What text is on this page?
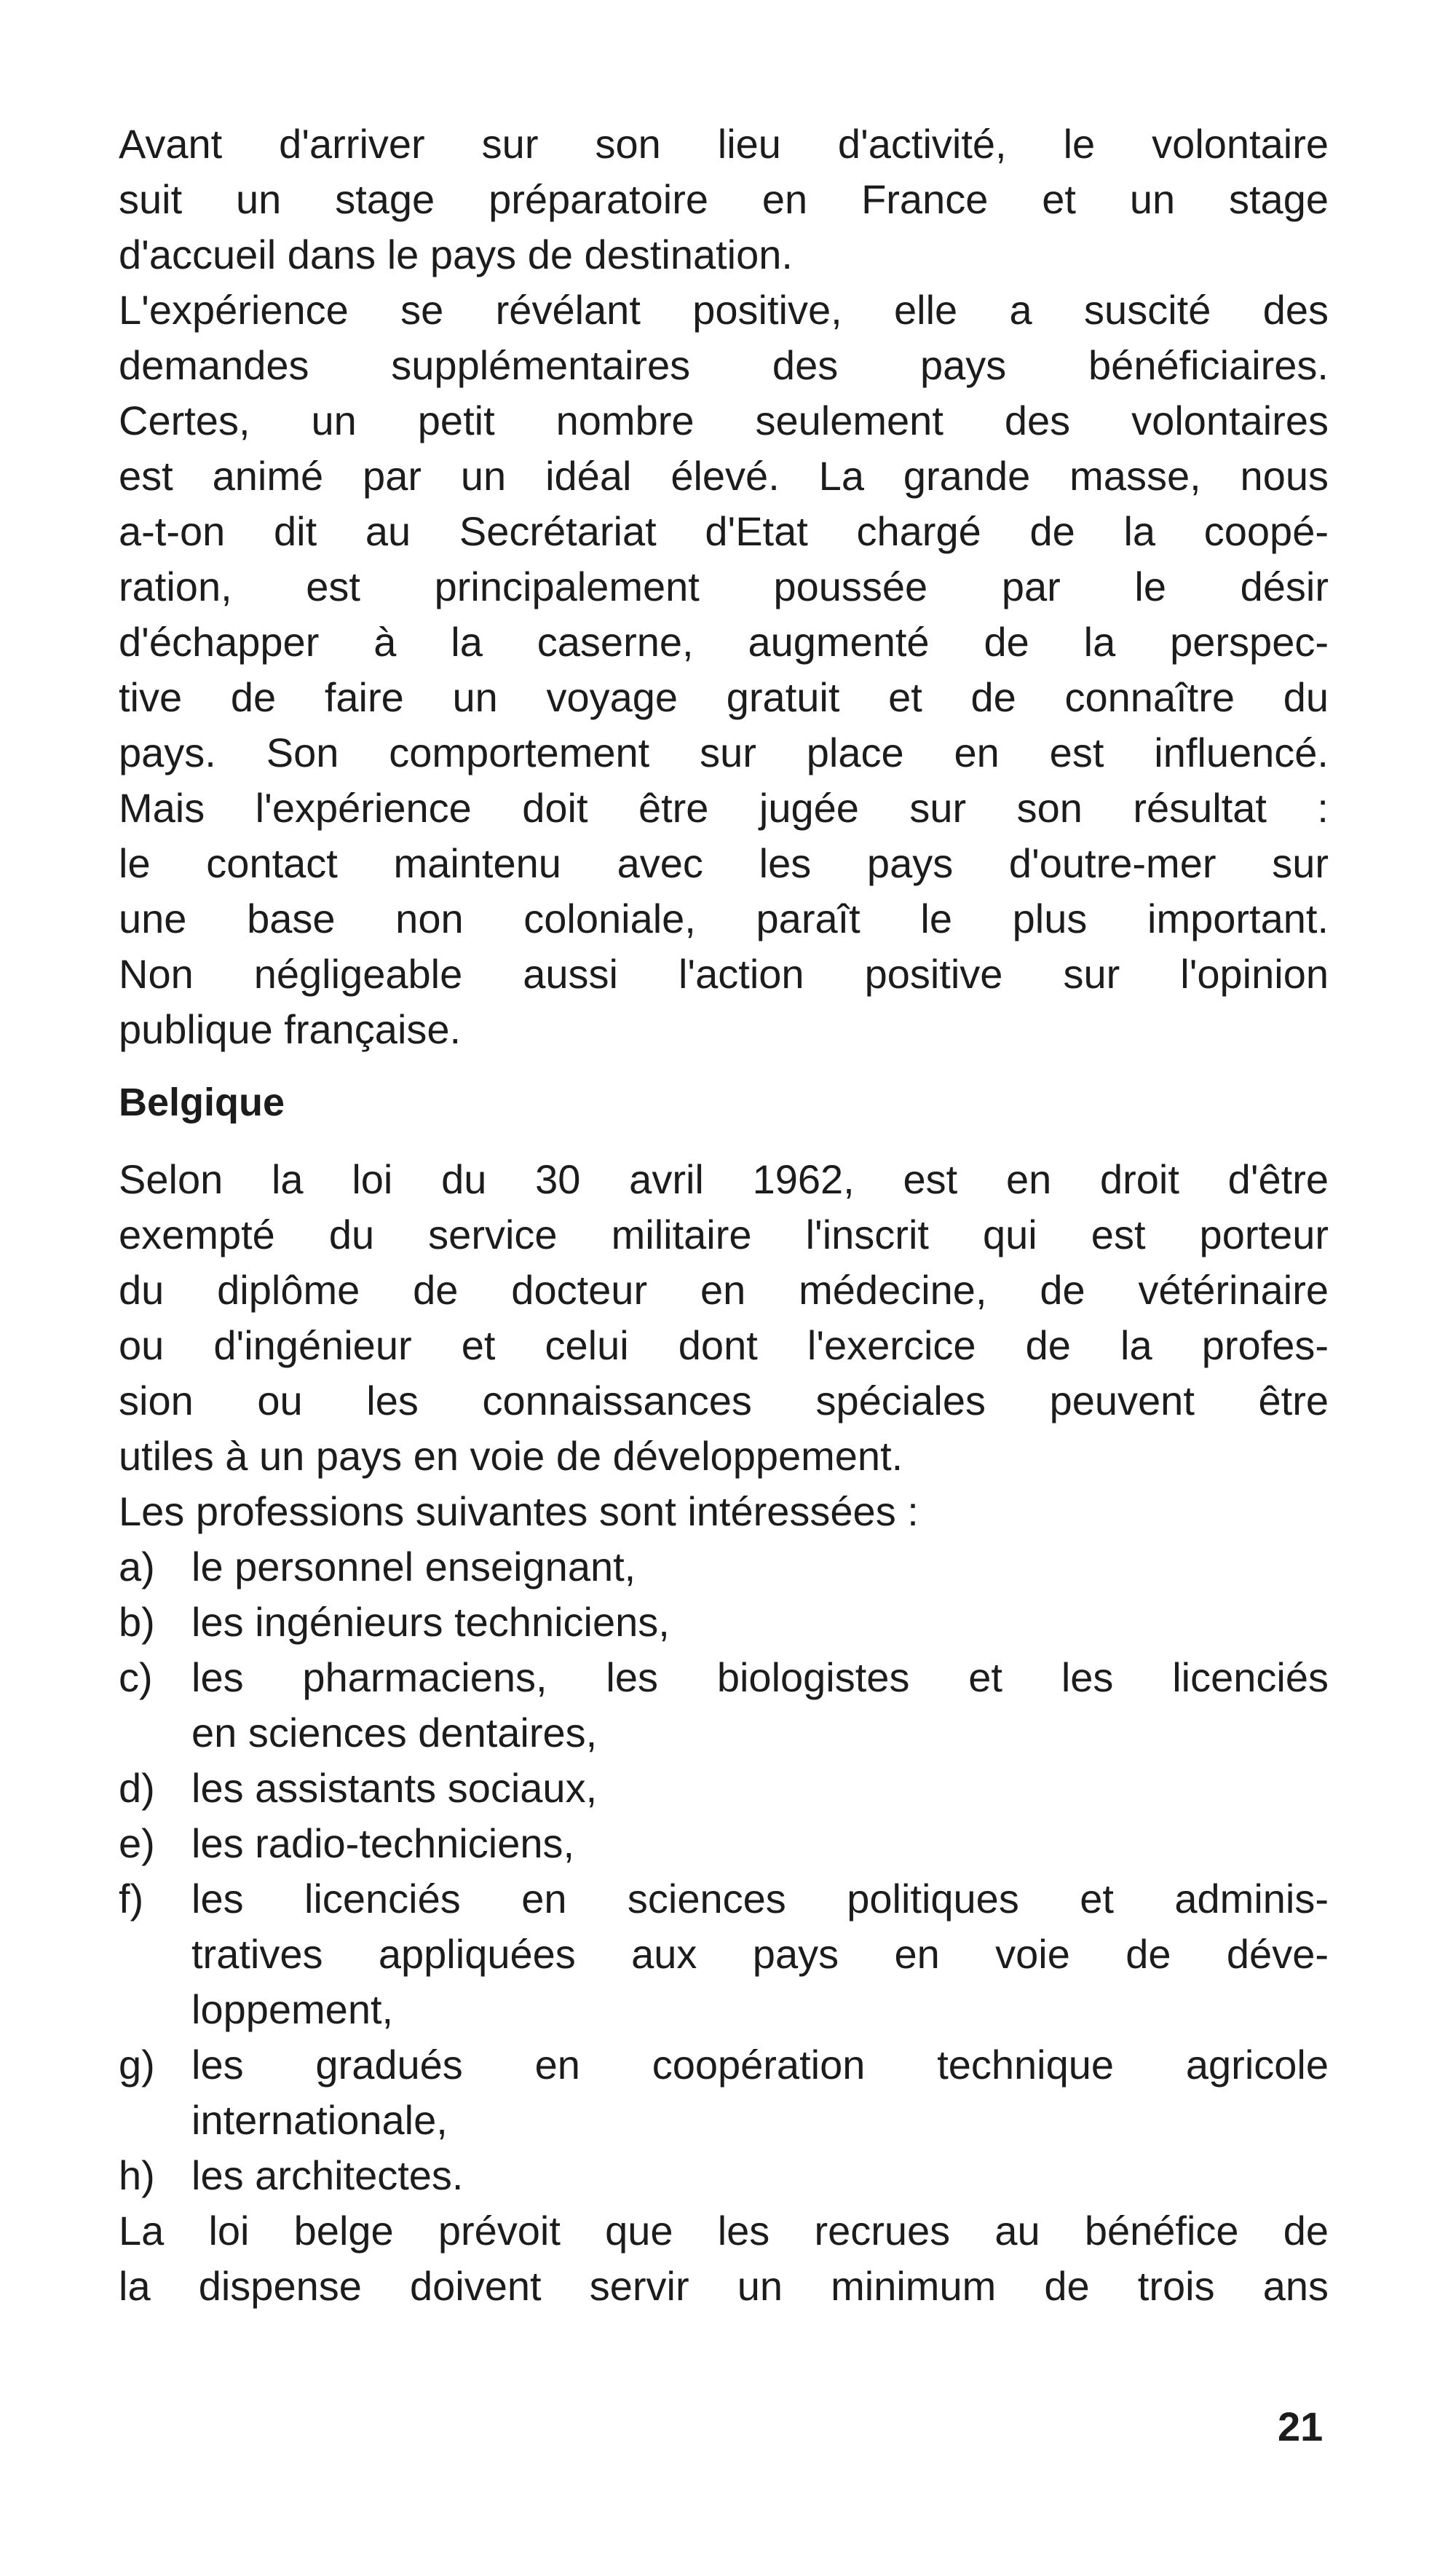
Avant d'arriver sur son lieu d'activité, le volontaire
suit un stage préparatoire en France et un stage
d'accueil dans le pays de destination.
L'expérience se révélant positive, elle a suscité des
demandes supplémentaires des pays bénéficiaires.
Certes, un petit nombre seulement des volontaires
est animé par un idéal élevé. La grande masse, nous
a-t-on dit au Secrétariat d'Etat chargé de la coopé-
ration, est principalement poussée par le désir
d'échapper à la caserne, augmenté de la perspec-
tive de faire un voyage gratuit et de connaître du
pays. Son comportement sur place en est influencé.
Mais l'expérience doit être jugée sur son résultat :
le contact maintenu avec les pays d'outre-mer sur
une base non coloniale, paraît le plus important.
Non négligeable aussi l'action positive sur l'opinion
publique française.
Belgique
Selon la loi du 30 avril 1962, est en droit d'être
exempté du service militaire l'inscrit qui est porteur
du diplôme de docteur en médecine, de vétérinaire
ou d'ingénieur et celui dont l'exercice de la profes-
sion ou les connaissances spéciales peuvent être
utiles à un pays en voie de développement.
Les professions suivantes sont intéressées :
a) le personnel enseignant,
b) les ingénieurs techniciens,
c) les pharmaciens, les biologistes et les licenciés
en sciences dentaires,
d) les assistants sociaux,
e) les radio-techniciens,
f)	les licenciés en sciences politiques et adminis-
tratives appliquées aux pays en voie de déve-
loppement,
g) les gradués en coopération technique agricole
internationale,
h) les architectes.
La loi belge prévoit que les recrues au bénéfice de
la dispense doivent servir un minimum de trois ans
21
